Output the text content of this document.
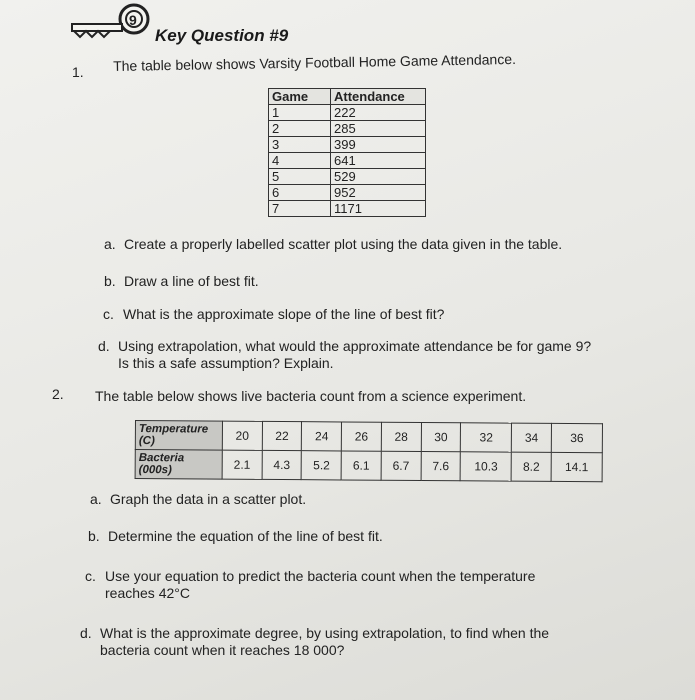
9
Key Question #9
1. The table below shows Varsity Football Home Game Attendance.
Game	Attendance
1	222
2	285
3	399
4	641
5	529
6	952
7	1171
a. Create a properly labelled scatter plot using the data given in the table.
b. Draw a line of best fit.
c. What is the approximate slope of the line of best fit?
d. Using extrapolation, what would the approximate attendance be for game 9?
Is this a safe assumption? Explain.
2. The table below shows live bacteria count from a science experiment.
Temperature (C)	20	22	24	26	28	30	32	34	36
Bacteria (000s)	2.1	4.3	5.2	6.1	6.7	7.6	10.3	8.2	14.1
a. Graph the data in a scatter plot.
b. Determine the equation of the line of best fit.
c. Use your equation to predict the bacteria count when the temperature
reaches 42°C
d. What is the approximate degree, by using extrapolation, to find when the
bacteria count when it reaches 18 000?
